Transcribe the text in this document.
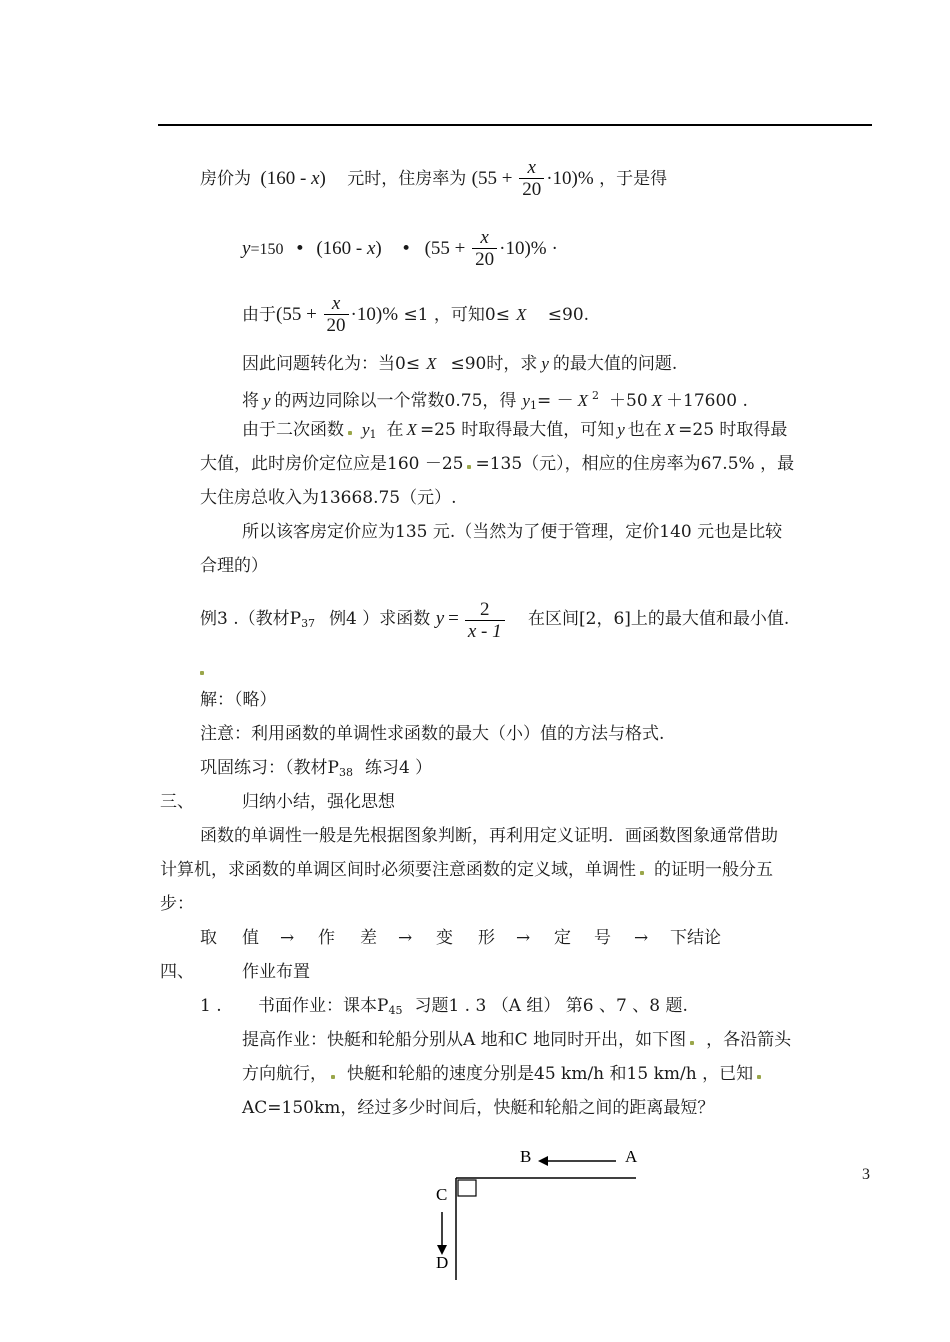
房价为 (160 - x) 元时，住房率为 $(55 + \frac{x}{20} \cdot 10)\%$ ，于是得
y=150 • (160 - x) • $(55 + \frac{x}{20} \cdot 10)\%$ ·
由于$(55 + \frac{x}{20} \cdot 10)\% \le 1$ ，可知0≤ X ≤90.
因此问题转化为：当0≤ X ≤90时，求 y 的最大值的问题.
将 y 的两边同除以一个常数0.75，得 $y_1= - X$ $^2$ ＋50 X ＋17600 .
由于二次函数 $y_1$ 在 X =25 时取得最大值，可知 y 也在 X =25 时取得最
大值，此时房价定位应是160 －25 =135（元），相应的住房率为67.5% ，最
大住房总收入为13668.75（元）.
所以该客房定价应为135 元.（当然为了便于管理，定价140 元也是比较
合理的）
例3 .（教材$P_{37}$ 例4 ）求函数 $y = \frac{2}{x - 1}$ 在区间[2，6]上的最大值和最小值.
解：（略）
注意：利用函数的单调性求函数的最大（小）值的方法与格式.
巩固练习：（教材$P_{38}$ 练习4 ）
三、	归纳小结，强化思想
函数的单调性一般是先根据图象判断，再利用定义证明．画函数图象通常借助
计算机，求函数的单调区间时必须要注意函数的定义域，单调性 的证明一般分五
步：
取 值 → 作 差 → 变 形 → 定 号 → 下结论
四、	作业布置
1 . 书面作业：课本$P_{45}$ 习题1 . 3 （A 组） 第6 、7 、8 题.
提高作业：快艇和轮船分别从A 地和C 地同时开出，如下图 ，各沿箭头
方向航行， 快艇和轮船的速度分别是45 km/h 和15 km/h ，已知
AC=150km，经过多少时间后，快艇和轮船之间的距离最短？
B	A
C
D
3
